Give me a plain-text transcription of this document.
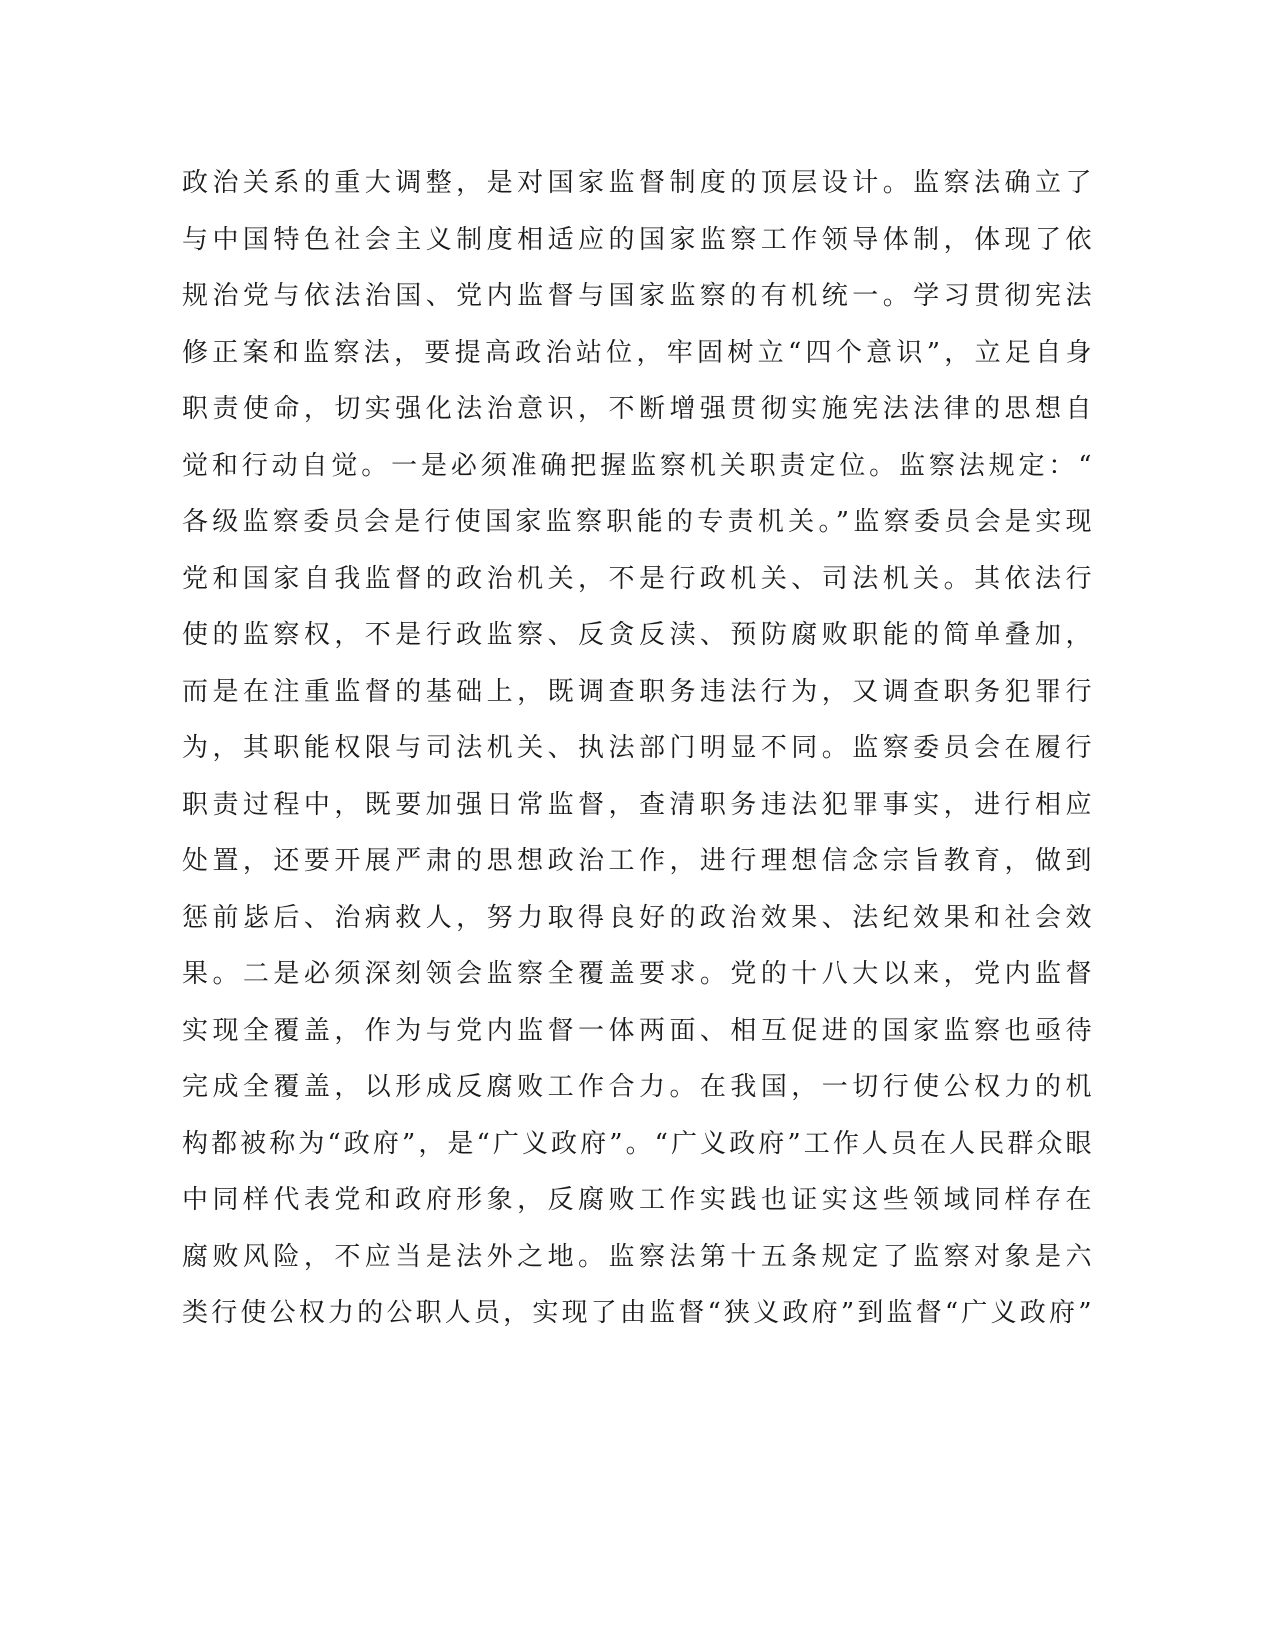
政治关系的重大调整，是对国家监督制度的顶层设计。监察法确立了
与中国特色社会主义制度相适应的国家监察工作领导体制，体现了依
规治党与依法治国、党内监督与国家监察的有机统一。学习贯彻宪法
修正案和监察法，要提高政治站位，牢固树立“四个意识”，立足自身
职责使命，切实强化法治意识，不断增强贯彻实施宪法法律的思想自
觉和行动自觉。一是必须准确把握监察机关职责定位。监察法规定：“
各级监察委员会是行使国家监察职能的专责机关。”监察委员会是实现
党和国家自我监督的政治机关，不是行政机关、司法机关。其依法行
使的监察权，不是行政监察、反贪反渎、预防腐败职能的简单叠加，
而是在注重监督的基础上，既调查职务违法行为，又调查职务犯罪行
为，其职能权限与司法机关、执法部门明显不同。监察委员会在履行
职责过程中，既要加强日常监督，查清职务违法犯罪事实，进行相应
处置，还要开展严肃的思想政治工作，进行理想信念宗旨教育，做到
惩前毖后、治病救人，努力取得良好的政治效果、法纪效果和社会效
果。二是必须深刻领会监察全覆盖要求。党的十八大以来，党内监督
实现全覆盖，作为与党内监督一体两面、相互促进的国家监察也亟待
完成全覆盖，以形成反腐败工作合力。在我国，一切行使公权力的机
构都被称为“政府”，是“广义政府”。“广义政府”工作人员在人民群众眼
中同样代表党和政府形象，反腐败工作实践也证实这些领域同样存在
腐败风险，不应当是法外之地。监察法第十五条规定了监察对象是六
类行使公权力的公职人员，实现了由监督“狭义政府”到监督“广义政府”
